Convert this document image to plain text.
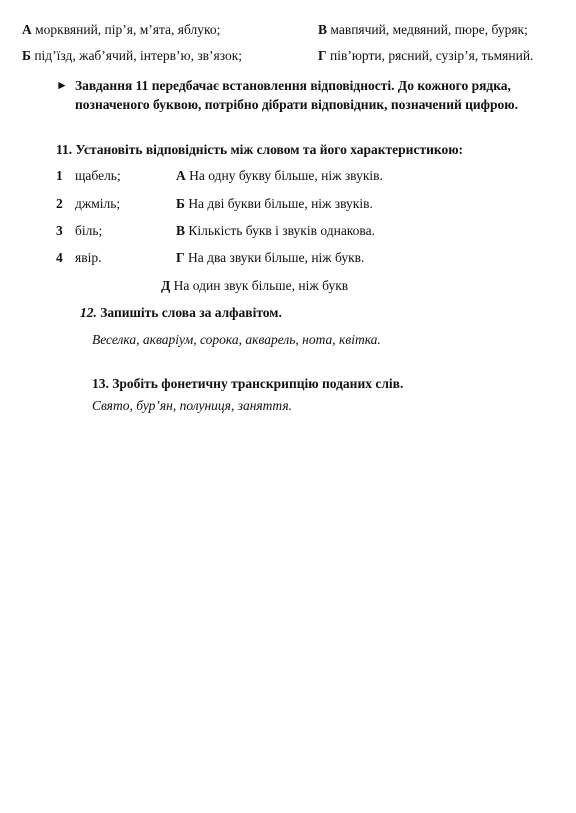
А морквяний, пір’я, м’ята, яблуко;	В мавпячий, медвяний, пюре, буряк;
Б під’їзд, жаб’ячий, інтерв’ю, зв’язок;	Г пів’юрти, рясний, сузір’я, тьмяний.
► Завдання 11 передбачає встановлення відповідності. До кожного рядка, позначеного буквою, потрібно дібрати відповідник, позначений цифрою.
11. Установіть відповідність між словом та його характеристикою:
1 щабель;
2 джміль;
3 біль;
4 явір.
А На одну букву більше, ніж звуків.
Б На дві букви більше, ніж звуків.
В Кількість букв і звуків однакова.
Г На два звуки більше, ніж букв.
Д На один звук більше, ніж букв
12. Запишіть слова за алфавітом.
Веселка, акваріум, сорока, акварель, нота, квітка.
13. Зробіть фонетичну транскрипцію поданих слів.
Свято, бур’ян, полуниця, заняття.
